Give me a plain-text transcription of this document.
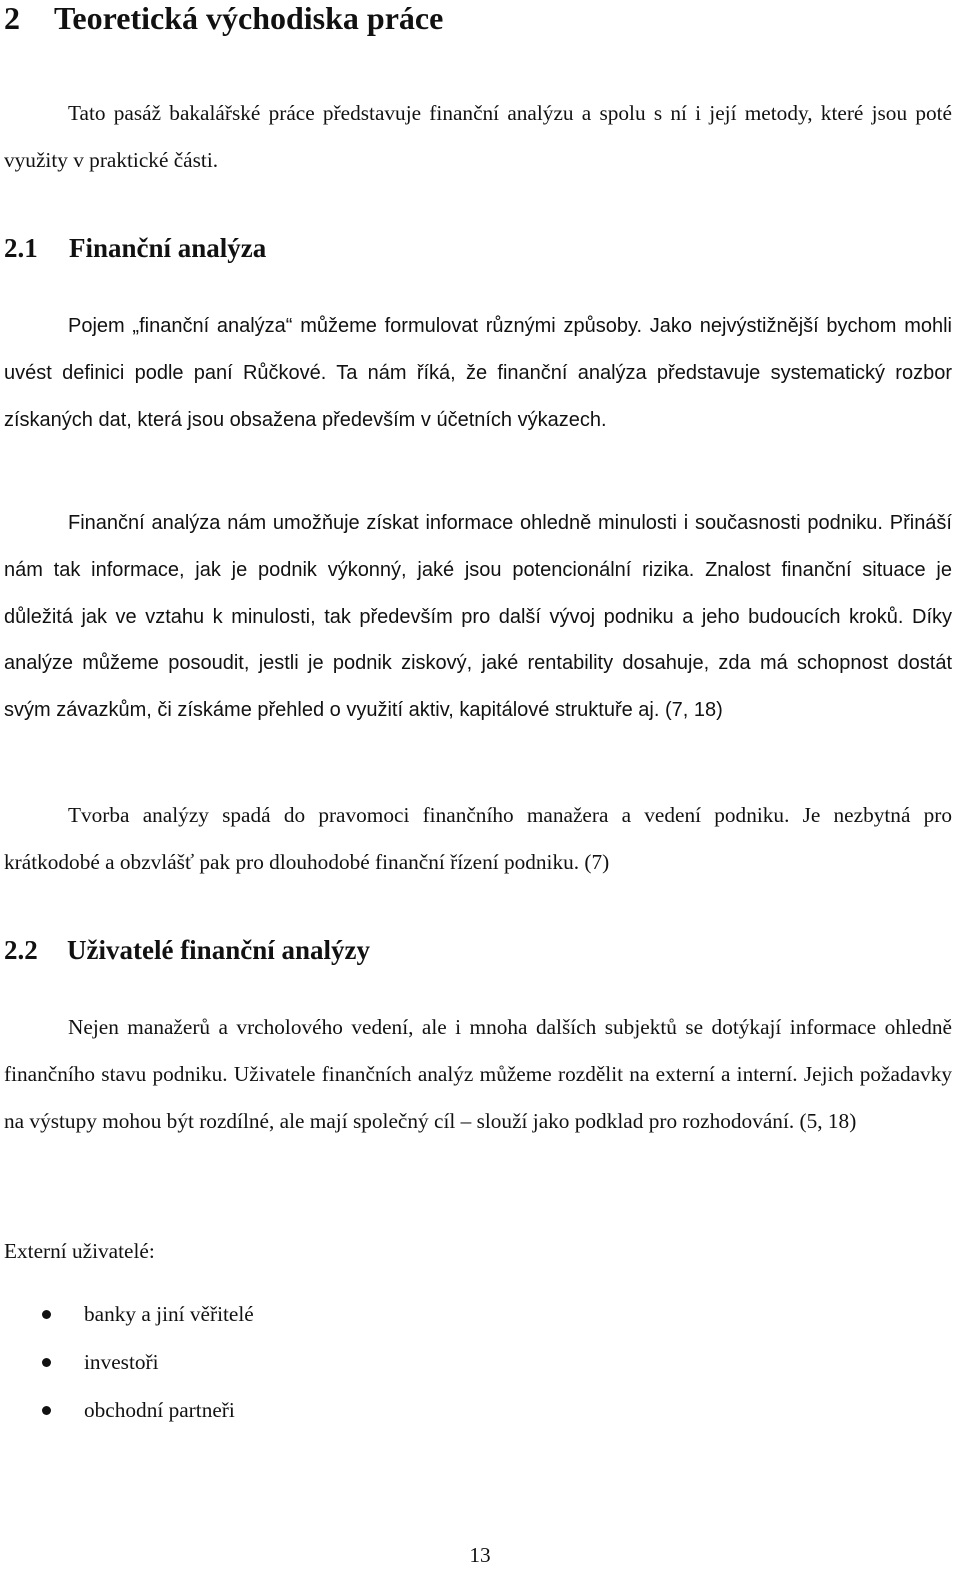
2 Teoretická východiska práce

Tato pasáž bakalářské práce představuje finanční analýzu a spolu s ní i její metody, které jsou poté využity v praktické části.

2.1 Finanční analýza

Pojem „finanční analýza“ můžeme formulovat různými způsoby. Jako nejvýstižnější bychom mohli uvést definici podle paní Růčkové. Ta nám říká, že finanční analýza představuje systematický rozbor získaných dat, která jsou obsažena především v účetních výkazech.

Finanční analýza nám umožňuje získat informace ohledně minulosti i současnosti podniku. Přináší nám tak informace, jak je podnik výkonný, jaké jsou potencionální rizika. Znalost finanční situace je důležitá jak ve vztahu k minulosti, tak především pro další vývoj podniku a jeho budoucích kroků. Díky analýze můžeme posoudit, jestli je podnik ziskový, jaké rentability dosahuje, zda má schopnost dostát svým závazkům, či získáme přehled o využití aktiv, kapitálové struktuře aj. (7, 18)

Tvorba analýzy spadá do pravomoci finančního manažera a vedení podniku. Je nezbytná pro krátkodobé a obzvlášť pak pro dlouhodobé finanční řízení podniku. (7)

2.2 Uživatelé finanční analýzy

Nejen manažerů a vrcholového vedení, ale i mnoha dalších subjektů se dotýkají informace ohledně finančního stavu podniku. Uživatele finančních analýz můžeme rozdělit na externí a interní. Jejich požadavky na výstupy mohou být rozdílné, ale mají společný cíl – slouží jako podklad pro rozhodování. (5, 18)

Externí uživatelé:

banky a jiní věřitelé
investoři
obchodní partneři
13
